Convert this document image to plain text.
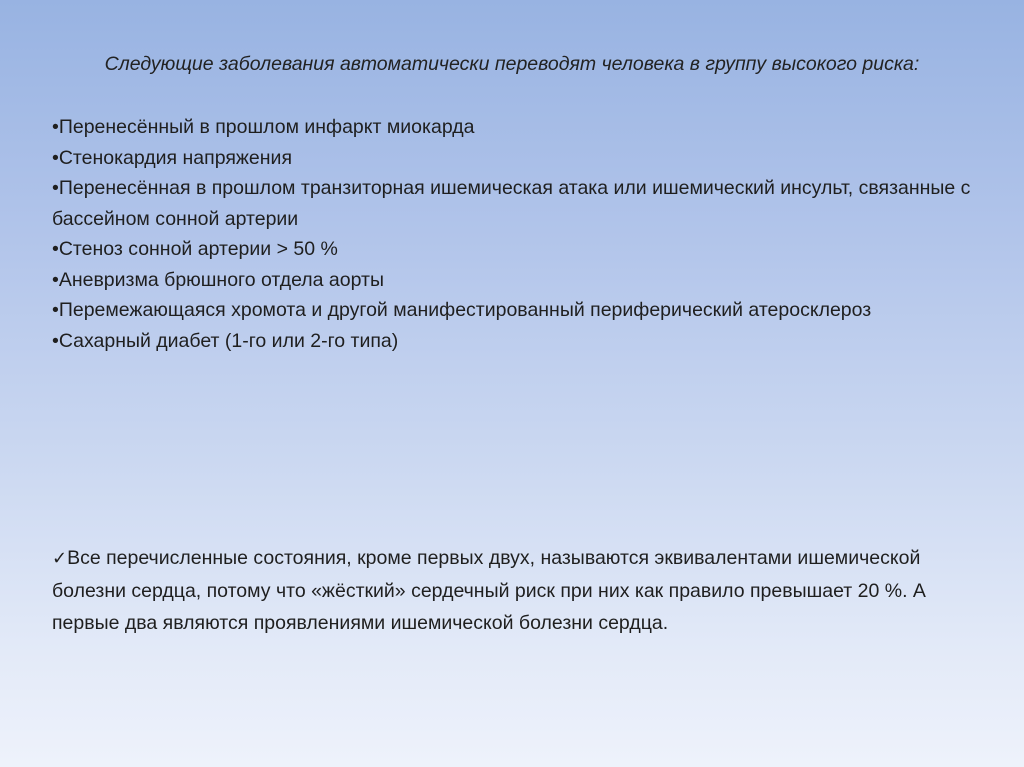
Следующие заболевания автоматически переводят человека в группу высокого риска:
•Перенесённый в прошлом инфаркт миокарда
•Стенокардия напряжения
•Перенесённая в прошлом транзиторная ишемическая атака или ишемический инсульт, связанные с бассейном сонной артерии
•Стеноз сонной артерии > 50 %
•Аневризма брюшного отдела аорты
•Перемежающаяся хромота и другой манифестированный периферический атеросклероз
•Сахарный диабет (1-го или 2-го типа)
✓Все перечисленные состояния, кроме первых двух, называются эквивалентами ишемической болезни сердца, потому что «жёсткий» сердечный риск при них как правило превышает 20 %. А первые два являются проявлениями ишемической болезни сердца.
